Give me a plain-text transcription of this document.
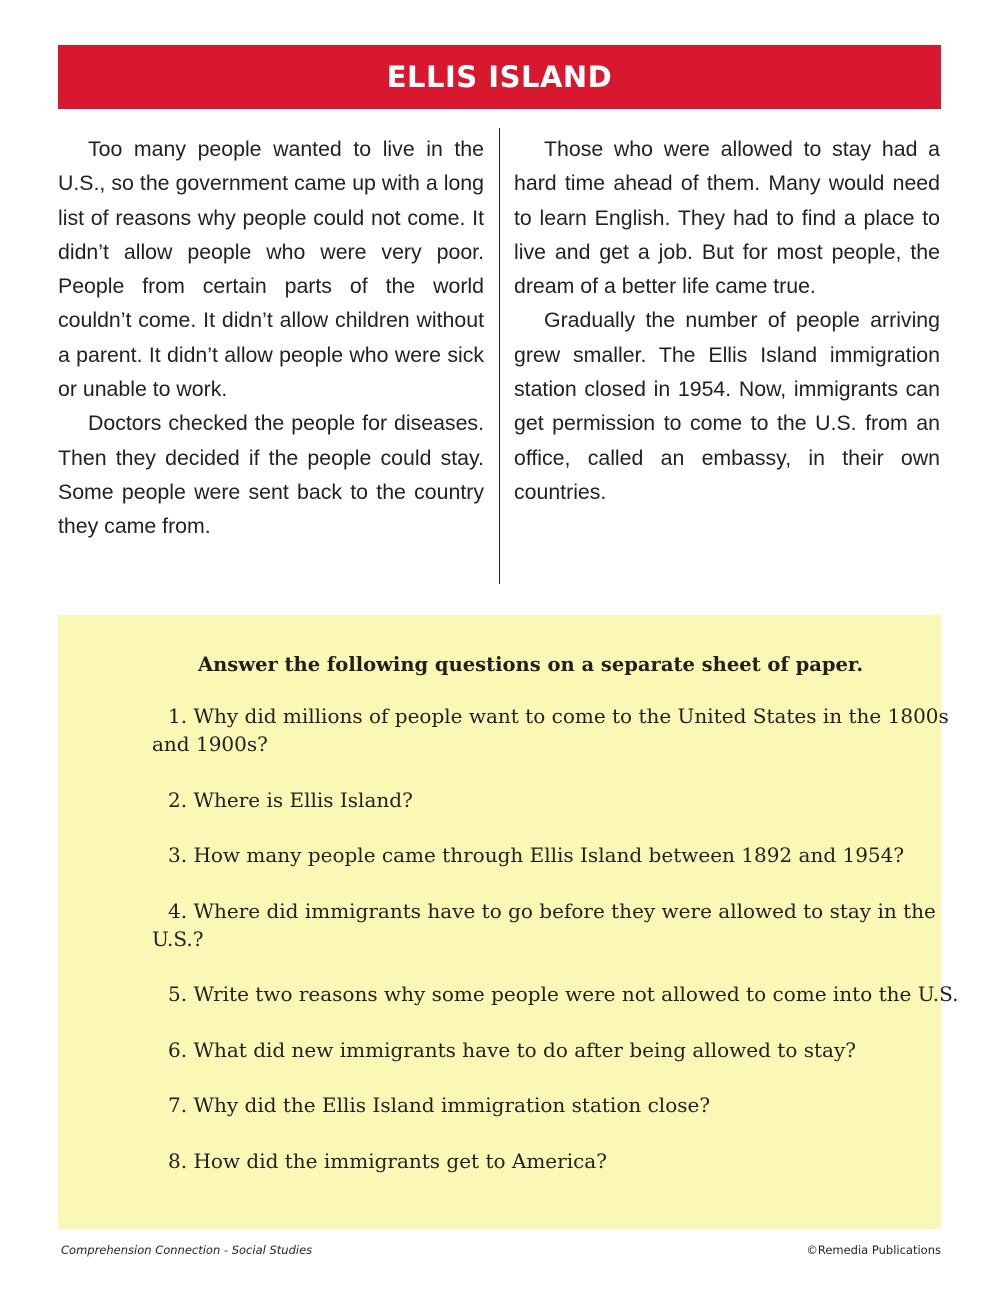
ELLIS ISLAND

Too many people wanted to live in the U.S., so the government came up with a long list of reasons why people could not come. It didn’t allow people who were very poor. People from certain parts of the world couldn’t come. It didn’t allow children without a parent. It didn’t allow people who were sick or unable to work.

Doctors checked the people for diseases. Then they decided if the people could stay. Some people were sent back to the country they came from.

Those who were allowed to stay had a hard time ahead of them. Many would need to learn English. They had to find a place to live and get a job. But for most people, the dream of a better life came true.

Gradually the number of people arriving grew smaller. The Ellis Island immigration station closed in 1954. Now, immigrants can get permission to come to the U.S. from an office, called an embassy, in their own countries.

Answer the following questions on a separate sheet of paper.

1. Why did millions of people want to come to the United States in the 1800s and 1900s?

2. Where is Ellis Island?

3. How many people came through Ellis Island between 1892 and 1954?

4. Where did immigrants have to go before they were allowed to stay in the U.S.?

5. Write two reasons why some people were not allowed to come into the U.S.

6. What did new immigrants have to do after being allowed to stay?

7. Why did the Ellis Island immigration station close?

8. How did the immigrants get to America?

Comprehension Connection - Social Studies	©Remedia Publications
